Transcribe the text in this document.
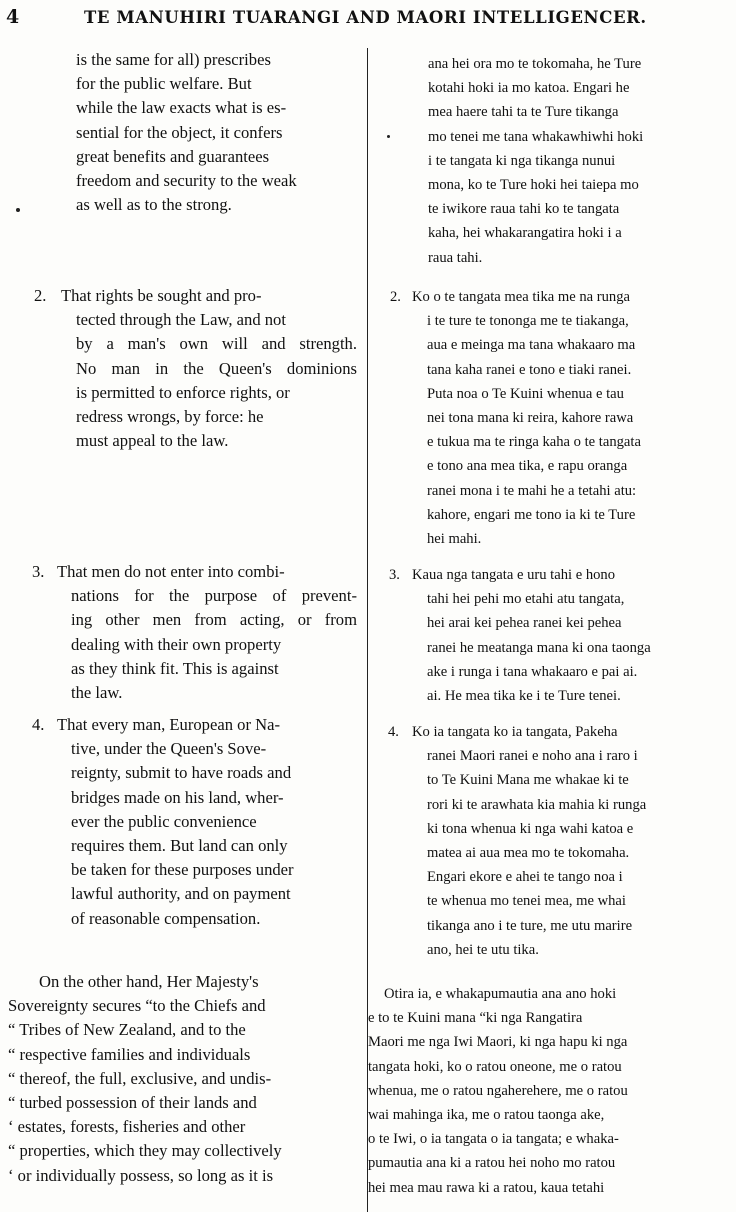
4	TE MANUHIRI TUARANGI AND MAORI INTELLIGENCER.
is the same for all) prescribes
for the public welfare. But
while the law exacts what is es-
sential for the object, it confers
great benefits and guarantees
freedom and security to the weak
as well as to the strong.
2. That rights be sought and pro-
tected through the Law, and not
by a man's own will and strength.
No man in the Queen's dominions
is permitted to enforce rights, or
redress wrongs, by force: he
must appeal to the law.
3. That men do not enter into combi-
nations for the purpose of prevent-
ing other men from acting, or from
dealing with their own property
as they think fit. This is against
the law.
4. That every man, European or Na-
tive, under the Queen's Sove-
reignty, submit to have roads and
bridges made on his land, wher-
ever the public convenience
requires them. But land can only
be taken for these purposes under
lawful authority, and on payment
of reasonable compensation.
On the other hand, Her Majesty's
Sovereignty secures “to the Chiefs and
“ Tribes of New Zealand, and to the
“ respective families and individuals
“ thereof, the full, exclusive, and undis-
“ turbed possession of their lands and
‘ estates, forests, fisheries and other
“ properties, which they may collectively
‘ or individually possess, so long as it is
ana hei ora mo te tokomaha, he Ture
kotahi hoki ia mo katoa. Engari he
mea haere tahi ta te Ture tikanga
mo tenei me tana whakawhiwhi hoki
i te tangata ki nga tikanga nunui
mona, ko te Ture hoki hei taiepa mo
te iwikore raua tahi ko te tangata
kaha, hei whakarangatira hoki i a
raua tahi.
2. Ko o te tangata mea tika me na runga
i te ture te tononga me te tiakanga,
aua e meinga ma tana whakaaro ma
tana kaha ranei e tono e tiaki ranei.
Puta noa o Te Kuini whenua e tau
nei tona mana ki reira, kahore rawa
e tukua ma te ringa kaha o te tangata
e tono ana mea tika, e rapu oranga
ranei mona i te mahi he a tetahi atu:
kahore, engari me tono ia ki te Ture
hei mahi.
3. Kaua nga tangata e uru tahi e hono
tahi hei pehi mo etahi atu tangata,
hei arai kei pehea ranei kei pehea
ranei he meatanga mana ki ona taonga
ake i runga i tana whakaaro e pai ai.
ai. He mea tika ke i te Ture tenei.
4. Ko ia tangata ko ia tangata, Pakeha
ranei Maori ranei e noho ana i raro i
to Te Kuini Mana me whakae ki te
rori ki te arawhata kia mahia ki runga
ki tona whenua ki nga wahi katoa e
matea ai aua mea mo te tokomaha.
Engari ekore e ahei te tango noa i
te whenua mo tenei mea, me whai
tikanga ano i te ture, me utu marire
ano, hei te utu tika.
Otira ia, e whakapumautia ana ano hoki
e to te Kuini mana “ki nga Rangatira
Maori me nga Iwi Maori, ki nga hapu ki nga
tangata hoki, ko o ratou oneone, me o ratou
whenua, me o ratou ngaherehere, me o ratou
wai mahinga ika, me o ratou taonga ake,
o te Iwi, o ia tangata o ia tangata; e whaka-
pumautia ana ki a ratou hei noho mo ratou
hei mea mau rawa ki a ratou, kaua tetahi
